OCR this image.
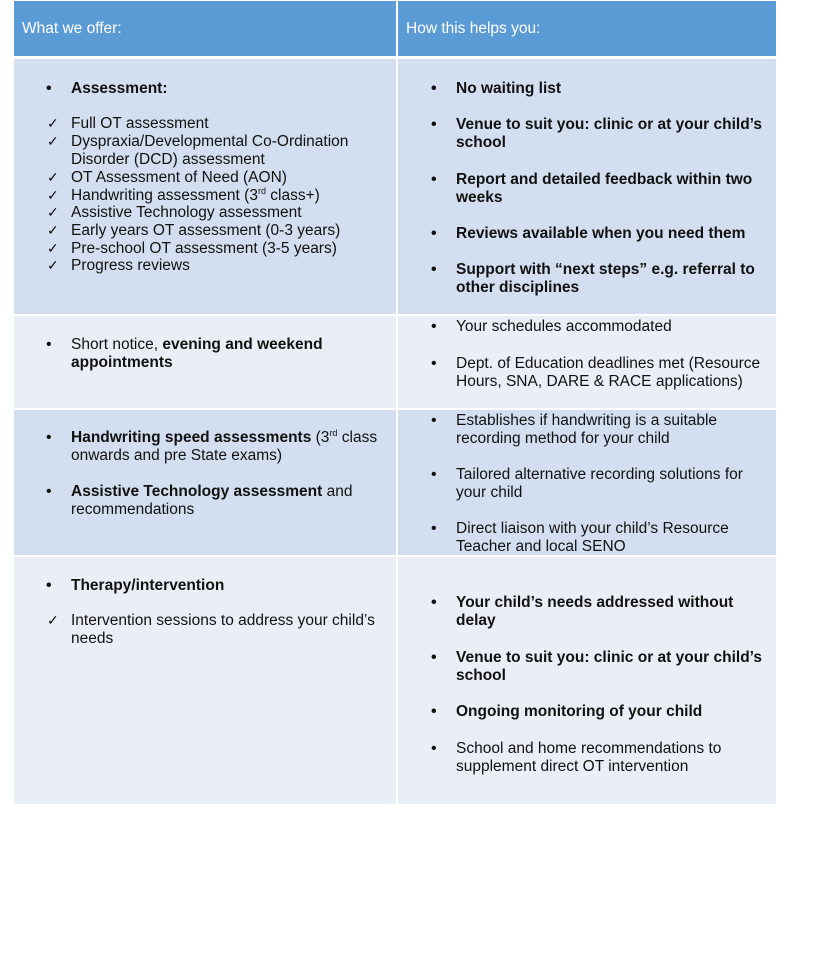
What we offer:	How this helps you:
• Assessment:
✓ Full OT assessment
✓ Dyspraxia/Developmental Co-Ordination Disorder (DCD) assessment
✓ OT Assessment of Need (AON)
✓ Handwriting assessment (3rd class+)
✓ Assistive Technology assessment
✓ Early years OT assessment (0-3 years)
✓ Pre-school OT assessment (3-5 years)
✓ Progress reviews
• No waiting list
• Venue to suit you: clinic or at your child’s school
• Report and detailed feedback within two weeks
• Reviews available when you need them
• Support with “next steps” e.g. referral to other disciplines
• Short notice, evening and weekend appointments
• Your schedules accommodated
• Dept. of Education deadlines met (Resource Hours, SNA, DARE & RACE applications)
• Handwriting speed assessments (3rd class onwards and pre State exams)
• Assistive Technology assessment and recommendations
• Establishes if handwriting is a suitable recording method for your child
• Tailored alternative recording solutions for your child
• Direct liaison with your child’s Resource Teacher and local SENO
• Therapy/intervention
✓ Intervention sessions to address your child’s needs
• Your child’s needs addressed without delay
• Venue to suit you: clinic or at your child’s school
• Ongoing monitoring of your child
• School and home recommendations to supplement direct OT intervention
